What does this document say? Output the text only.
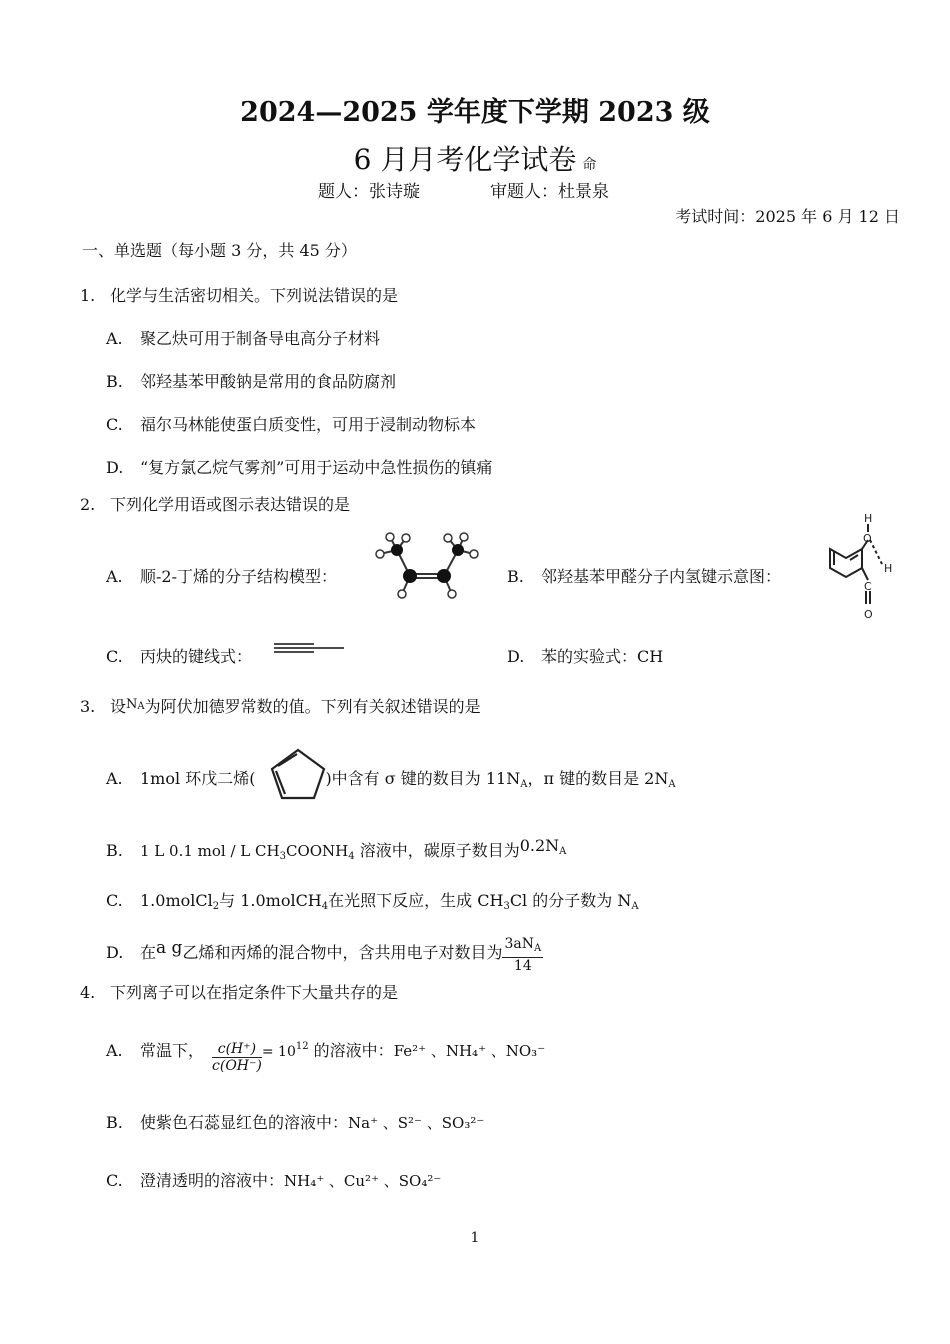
2024—2025 学年度下学期 2023 级
6 月月考化学试卷 命
题人：张诗璇	审题人：杜景泉
考试时间：2025 年 6 月 12 日
一、单选题（每小题 3 分，共 45 分）
1. 化学与生活密切相关。下列说法错误的是
A. 聚乙炔可用于制备导电高分子材料
B. 邻羟基苯甲酸钠是常用的食品防腐剂
C. 福尔马林能使蛋白质变性，可用于浸制动物标本
D. “复方氯乙烷气雾剂”可用于运动中急性损伤的镇痛
2. 下列化学用语或图示表达错误的是
A. 顺-2-丁烯的分子结构模型：	B. 邻羟基苯甲醛分子内氢键示意图：
H
O
H
C
O
C. 丙炔的键线式：	D. 苯的实验式：CH
3. 设$^{NA}$为阿伏加德罗常数的值。下列有关叙述错误的是
A. 1mol 环戊二烯(	)中含有 σ 键的数目为 $11N_A$，π 键的数目是 $2N_A$
B. 1 L 0.1 mol / L $CH_3COONH_4$ 溶液中，碳原子数目为$0.2N^A$
C. 1.0molCl$_2$与 1.0molCH$_4$在光照下反应，生成 $CH_3Cl$ 的分子数为 $N_A$
D. 在a g乙烯和丙烯的混合物中，含共用电子对数目为 $\frac{3aN_A}{14}$
4. 下列离子可以在指定条件下大量共存的是
A. 常温下， $\frac{c(H^+)}{c(OH^-)} = 10^{12}$ 的溶液中：Fe²⁺ 、NH₄⁺ 、NO₃⁻
B. 使紫色石蕊显红色的溶液中：Na⁺ 、S²⁻ 、SO₃²⁻
C. 澄清透明的溶液中：NH₄⁺ 、Cu²⁺ 、SO₄²⁻
1
